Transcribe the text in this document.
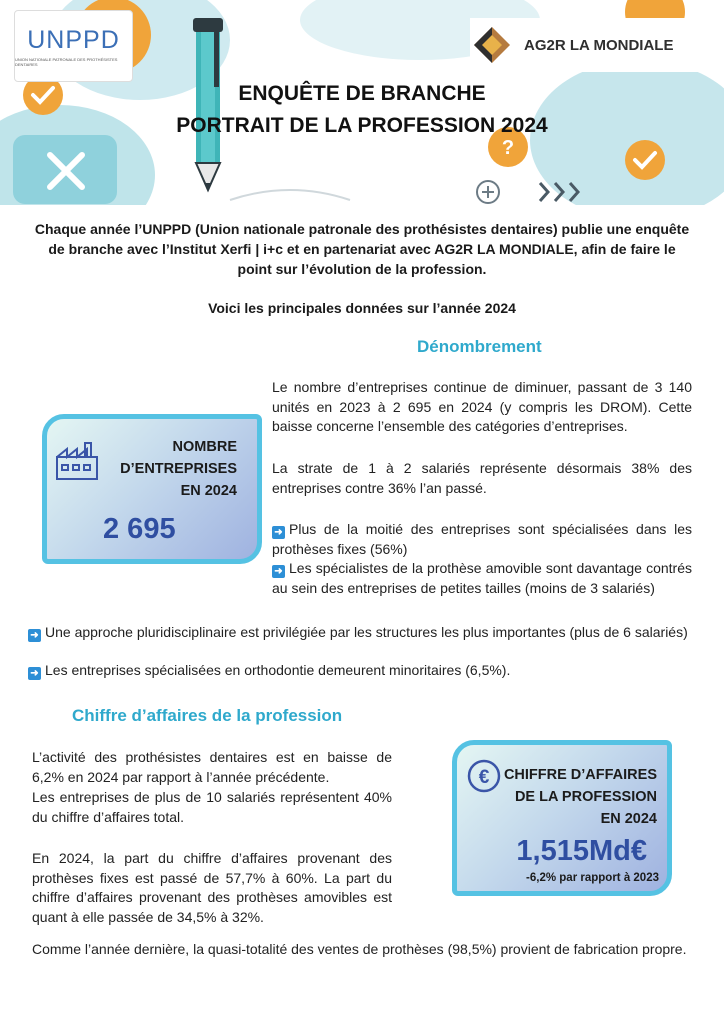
?
UNPPD
UNION NATIONALE PATRONALE DES PROTHÉSISTES DENTAIRES
AG2R LA MONDIALE
ENQUÊTE DE BRANCHE
PORTRAIT DE LA PROFESSION 2024

Chaque année l’UNPPD (Union nationale patronale des prothésistes dentaires) publie une enquête de branche avec l’Institut Xerfi | i+c et en partenariat avec AG2R LA MONDIALE, afin de faire le point sur l’évolution de la profession.

Voici les principales données sur l’année 2024

Dénombrement
NOMBRE
D’ENTREPRISES
EN 2024
2 695

Le nombre d’entreprises continue de diminuer, passant de 3 140 unités en 2023 à 2 695 en 2024 (y compris les DROM). Cette baisse concerne l’ensemble des catégories d’entreprises.

La strate de 1 à 2 salariés représente désormais 38% des entreprises contre 36% l’an passé.

➜ Plus de la moitié des entreprises sont spécialisées dans les prothèses fixes (56%)

➜ Les spécialistes de la prothèse amovible sont davantage contrés au sein des entreprises de petites tailles (moins de 3 salariés)

➜ Une approche pluridisciplinaire est privilégiée par les structures les plus importantes (plus de 6 salariés)

➜ Les entreprises spécialisées en orthodontie demeurent minoritaires (6,5%).

Chiffre d’affaires de la profession

L’activité des prothésistes dentaires est en baisse de 6,2% en 2024 par rapport à l’année précédente.

Les entreprises de plus de 10 salariés représentent 40% du chiffre d’affaires total.

En 2024, la part du chiffre d’affaires provenant des prothèses fixes est passé de 57,7% à 60%. La part du chiffre d’affaires provenant des prothèses amovibles est quant à elle passée de 34,5% à 32%.

Comme l’année dernière, la quasi-totalité des ventes de prothèses (98,5%) provient de fabrication propre.

€ CHIFFRE D’AFFAIRES
DE LA PROFESSION
EN 2024
1,515Md€
-6,2% par rapport à 2023
